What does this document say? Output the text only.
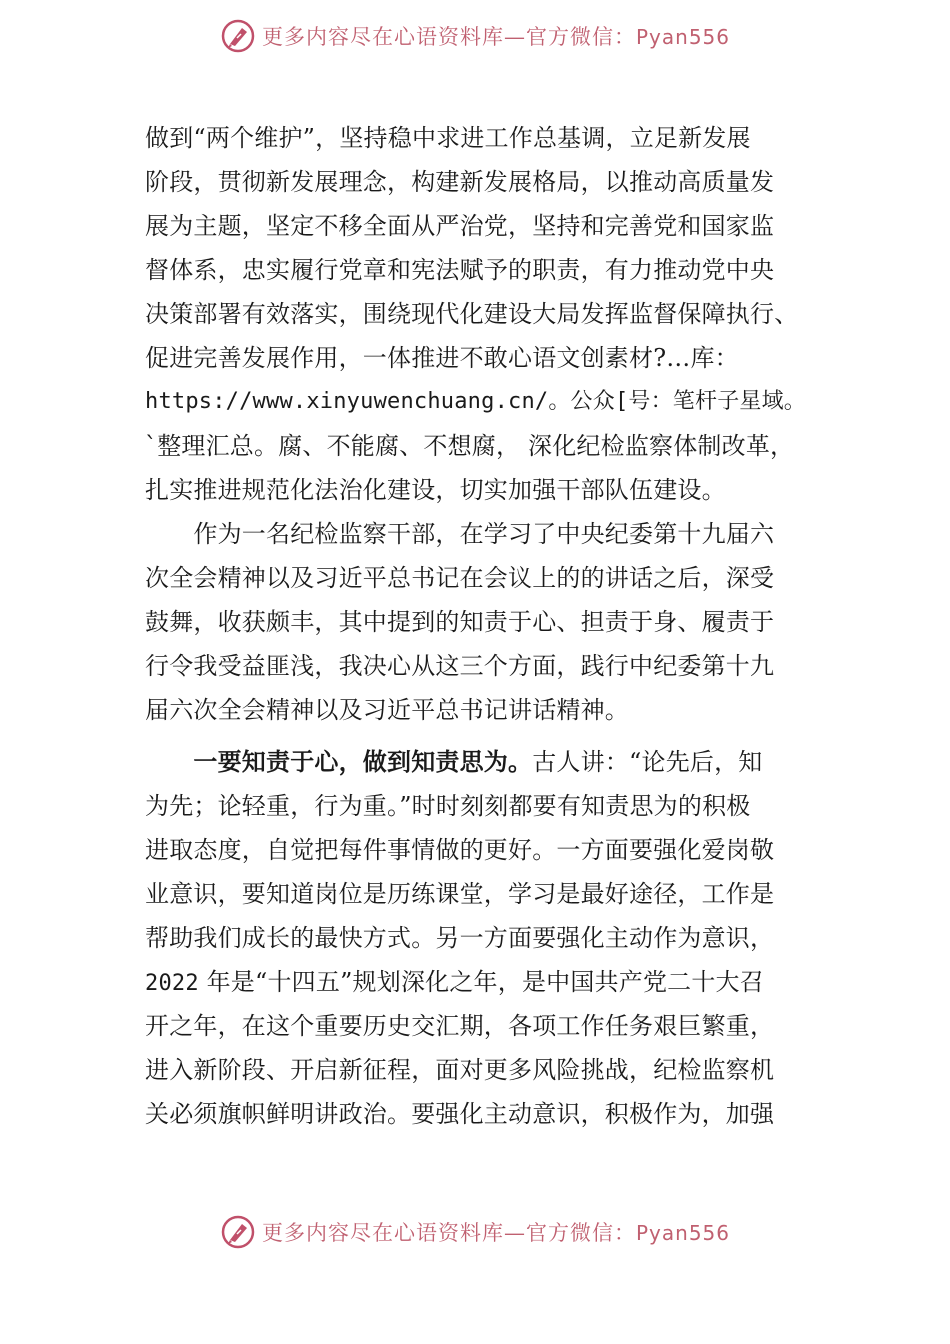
更多内容尽在心语资料库—官方微信：Pyan556
做到“两个维护”，坚持稳中求进工作总基调，立足新发展
阶段，贯彻新发展理念，构建新发展格局，以推动高质量发
展为主题，坚定不移全面从严治党，坚持和完善党和国家监
督体系，忠实履行党章和宪法赋予的职责，有力推动党中央
决策部署有效落实，围绕现代化建设大局发挥监督保障执行、
促进完善发展作用，一体推进不敢心语文创素材?…库：
https://www.xinyuwenchuang.cn/。公众[号：笔杆子星域。
`整理汇总。腐、不能腐、不想腐， 深化纪检监察体制改革，
扎实推进规范化法治化建设，切实加强干部队伍建设。
　　作为一名纪检监察干部，在学习了中央纪委第十九届六
次全会精神以及习近平总书记在会议上的的讲话之后，深受
鼓舞，收获颇丰，其中提到的知责于心、担责于身、履责于
行令我受益匪浅，我决心从这三个方面，践行中纪委第十九
届六次全会精神以及习近平总书记讲话精神。
　　一要知责于心，做到知责思为。古人讲：“论先后，知
为先；论轻重，行为重。”时时刻刻都要有知责思为的积极
进取态度，自觉把每件事情做的更好。一方面要强化爱岗敬
业意识，要知道岗位是历练课堂，学习是最好途径，工作是
帮助我们成长的最快方式。另一方面要强化主动作为意识，
2022 年是“十四五”规划深化之年，是中国共产党二十大召
开之年，在这个重要历史交汇期，各项工作任务艰巨繁重，
进入新阶段、开启新征程，面对更多风险挑战，纪检监察机
关必须旗帜鲜明讲政治。要强化主动意识，积极作为，加强
更多内容尽在心语资料库—官方微信：Pyan556
